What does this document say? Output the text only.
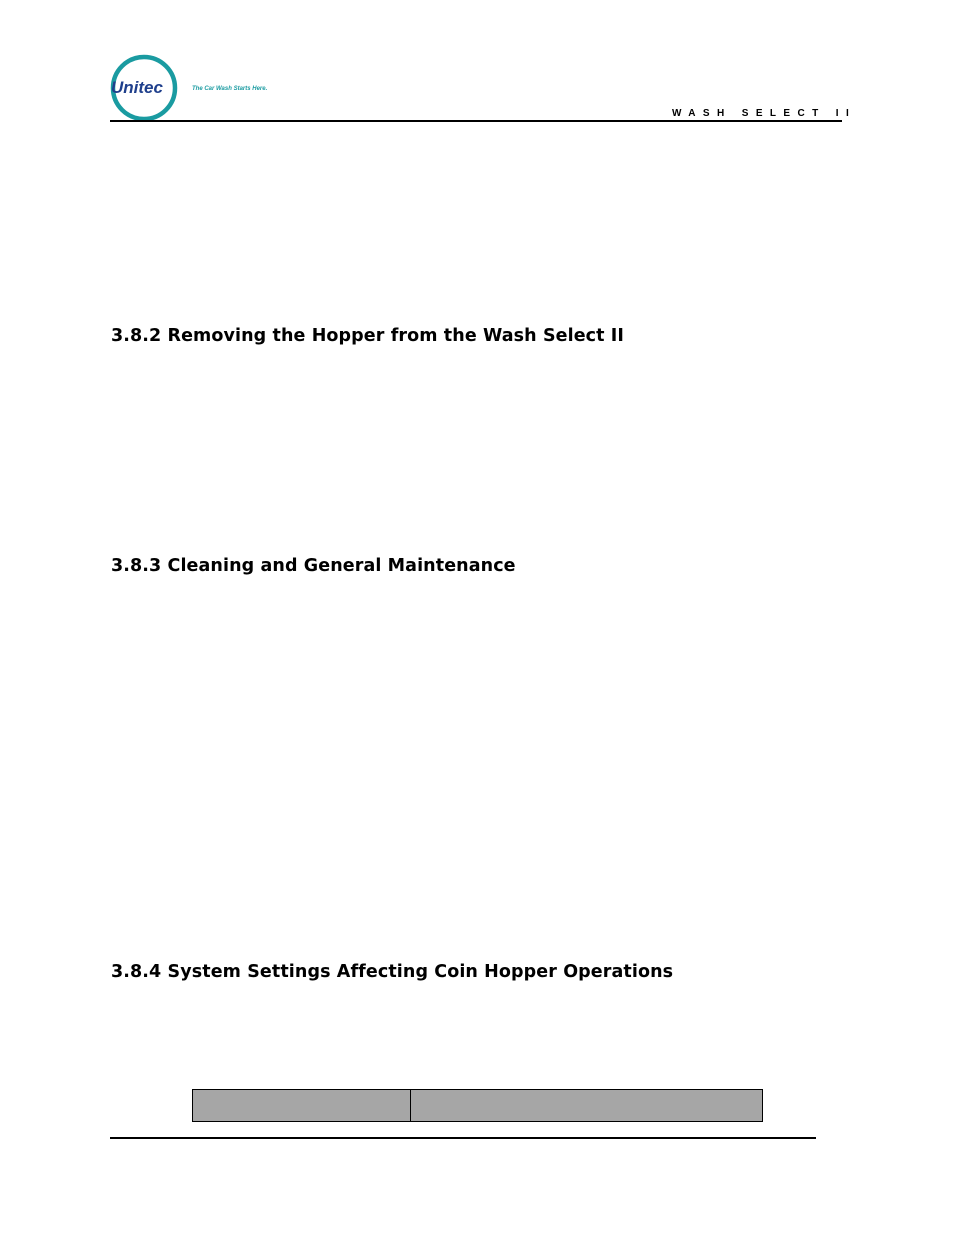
Unitec	The Car Wash Starts Here.
WASH SELECT II
3.8.2 Removing the Hopper from the Wash Select II
3.8.3 Cleaning and General Maintenance
3.8.4 System Settings Affecting Coin Hopper Operations
